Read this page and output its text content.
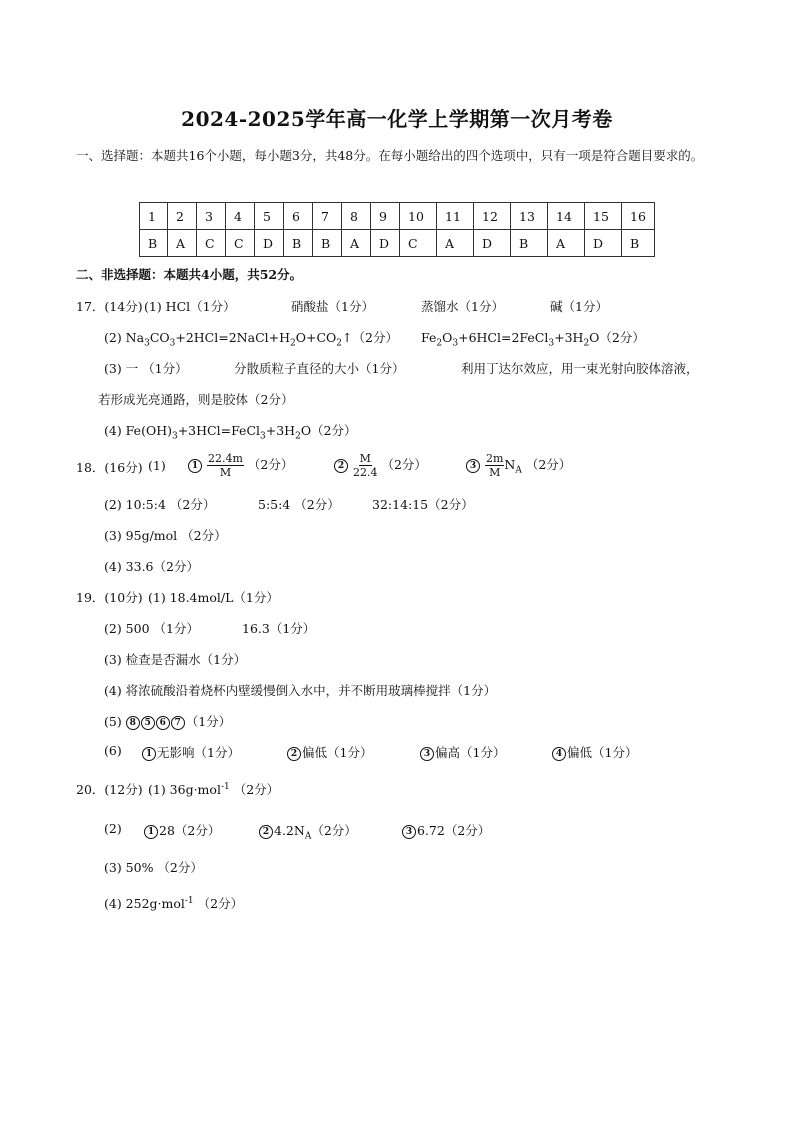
2024-2025学年高一化学上学期第一次月考卷
一、选择题：本题共16个小题，每小题3分，共48分。在每小题给出的四个选项中，只有一项是符合题目要求的。
1	2	3	4	5	6	7	8	9	10	11	12	13	14	15	16
B	A	C	C	D	B	B	A	D	C	A	D	B	A	D	B
二、非选择题：本题共4小题，共52分。
17．(14分) (1) HCl（1分）	硝酸盐（1分）	蒸馏水（1分）	碱（1分）
(2) $Na_3CO_3+2HCl=2NaCl+H_2O+CO_2↑(2$分） $Fe_2O_3+6HCl=2FeCl_3+3H_2O(2$分）
(3) 一 （1分）	分散质粒子直径的大小（1分）	利用丁达尔效应，用一束光射向胶体溶液，
若形成光亮通路，则是胶体（2分）
(4) $Fe(OH)_3+3HCl=FeCl_3+3H_2O(2$分）
18．(16分) (1)	$1 \frac{22.4m}{M} (2$分）	$2 \frac{M}{22.4} (2$分）	$3 \frac{2m}{M} N_A$ （2分）
(2) 10:5:4 （2分）	5:5:4 （2分）	32:14:15（2分）
(3) 95g/mol （2分）
(4) 33.6（2分）
19．(10分) (1) 18.4mol/L（1分）
(2) 500 （1分）	16.3（1分）
(3) 检查是否漏水（1分）
(4) 将浓硫酸沿着烧杯内壁缓慢倒入水中，并不断用玻璃棒搅拌（1分）
(5) 8 5 6 7 （1分）
(6)	1 无影响（1分）	2 偏低（1分）	3 偏高（1分）	4 偏低（1分）
20．(12分) (1) 36g·mol$^{-1}$ （2分）
(2)	1 28（2分）	2 $4.2N_A(2$分）	3 6.72（2分）
(3) 50% （2分）
(4) 252g·mol$^{-1}$ （2分）
